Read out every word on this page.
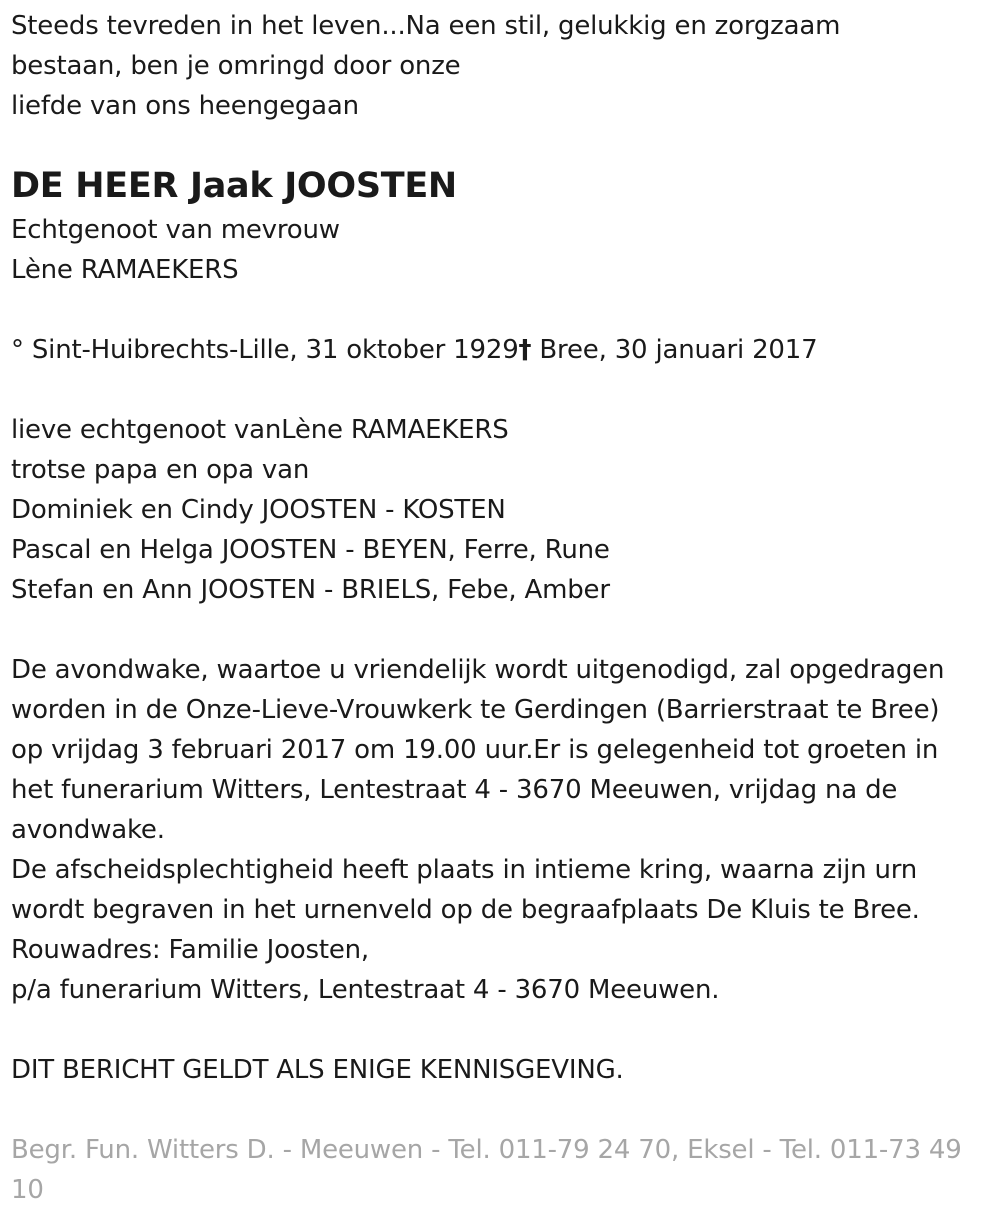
Steeds tevreden in het leven...Na een stil, gelukkig en zorgzaam
bestaan, ben je omringd door onze
liefde van ons heengegaan
DE HEER Jaak JOOSTEN
Echtgenoot van mevrouw
Lène RAMAEKERS
° Sint-Huibrechts-Lille, 31 oktober 1929† Bree, 30 januari 2017
lieve echtgenoot vanLène RAMAEKERS
trotse papa en opa van
Dominiek en Cindy JOOSTEN - KOSTEN
Pascal en Helga JOOSTEN - BEYEN, Ferre, Rune
Stefan en Ann JOOSTEN - BRIELS, Febe, Amber
De avondwake, waartoe u vriendelijk wordt uitgenodigd, zal opgedragen
worden in de Onze-Lieve-Vrouwkerk te Gerdingen (Barrierstraat te Bree)
op vrijdag 3 februari 2017 om 19.00 uur.Er is gelegenheid tot groeten in
het funerarium Witters, Lentestraat 4 - 3670 Meeuwen, vrijdag na de
avondwake.
De afscheidsplechtigheid heeft plaats in intieme kring, waarna zijn urn
wordt begraven in het urnenveld op de begraafplaats De Kluis te Bree.
Rouwadres: Familie Joosten,
p/a funerarium Witters, Lentestraat 4 - 3670 Meeuwen.
DIT BERICHT GELDT ALS ENIGE KENNISGEVING.
Begr. Fun. Witters D. - Meeuwen - Tel. 011-79 24 70, Eksel - Tel. 011-73 49 10
